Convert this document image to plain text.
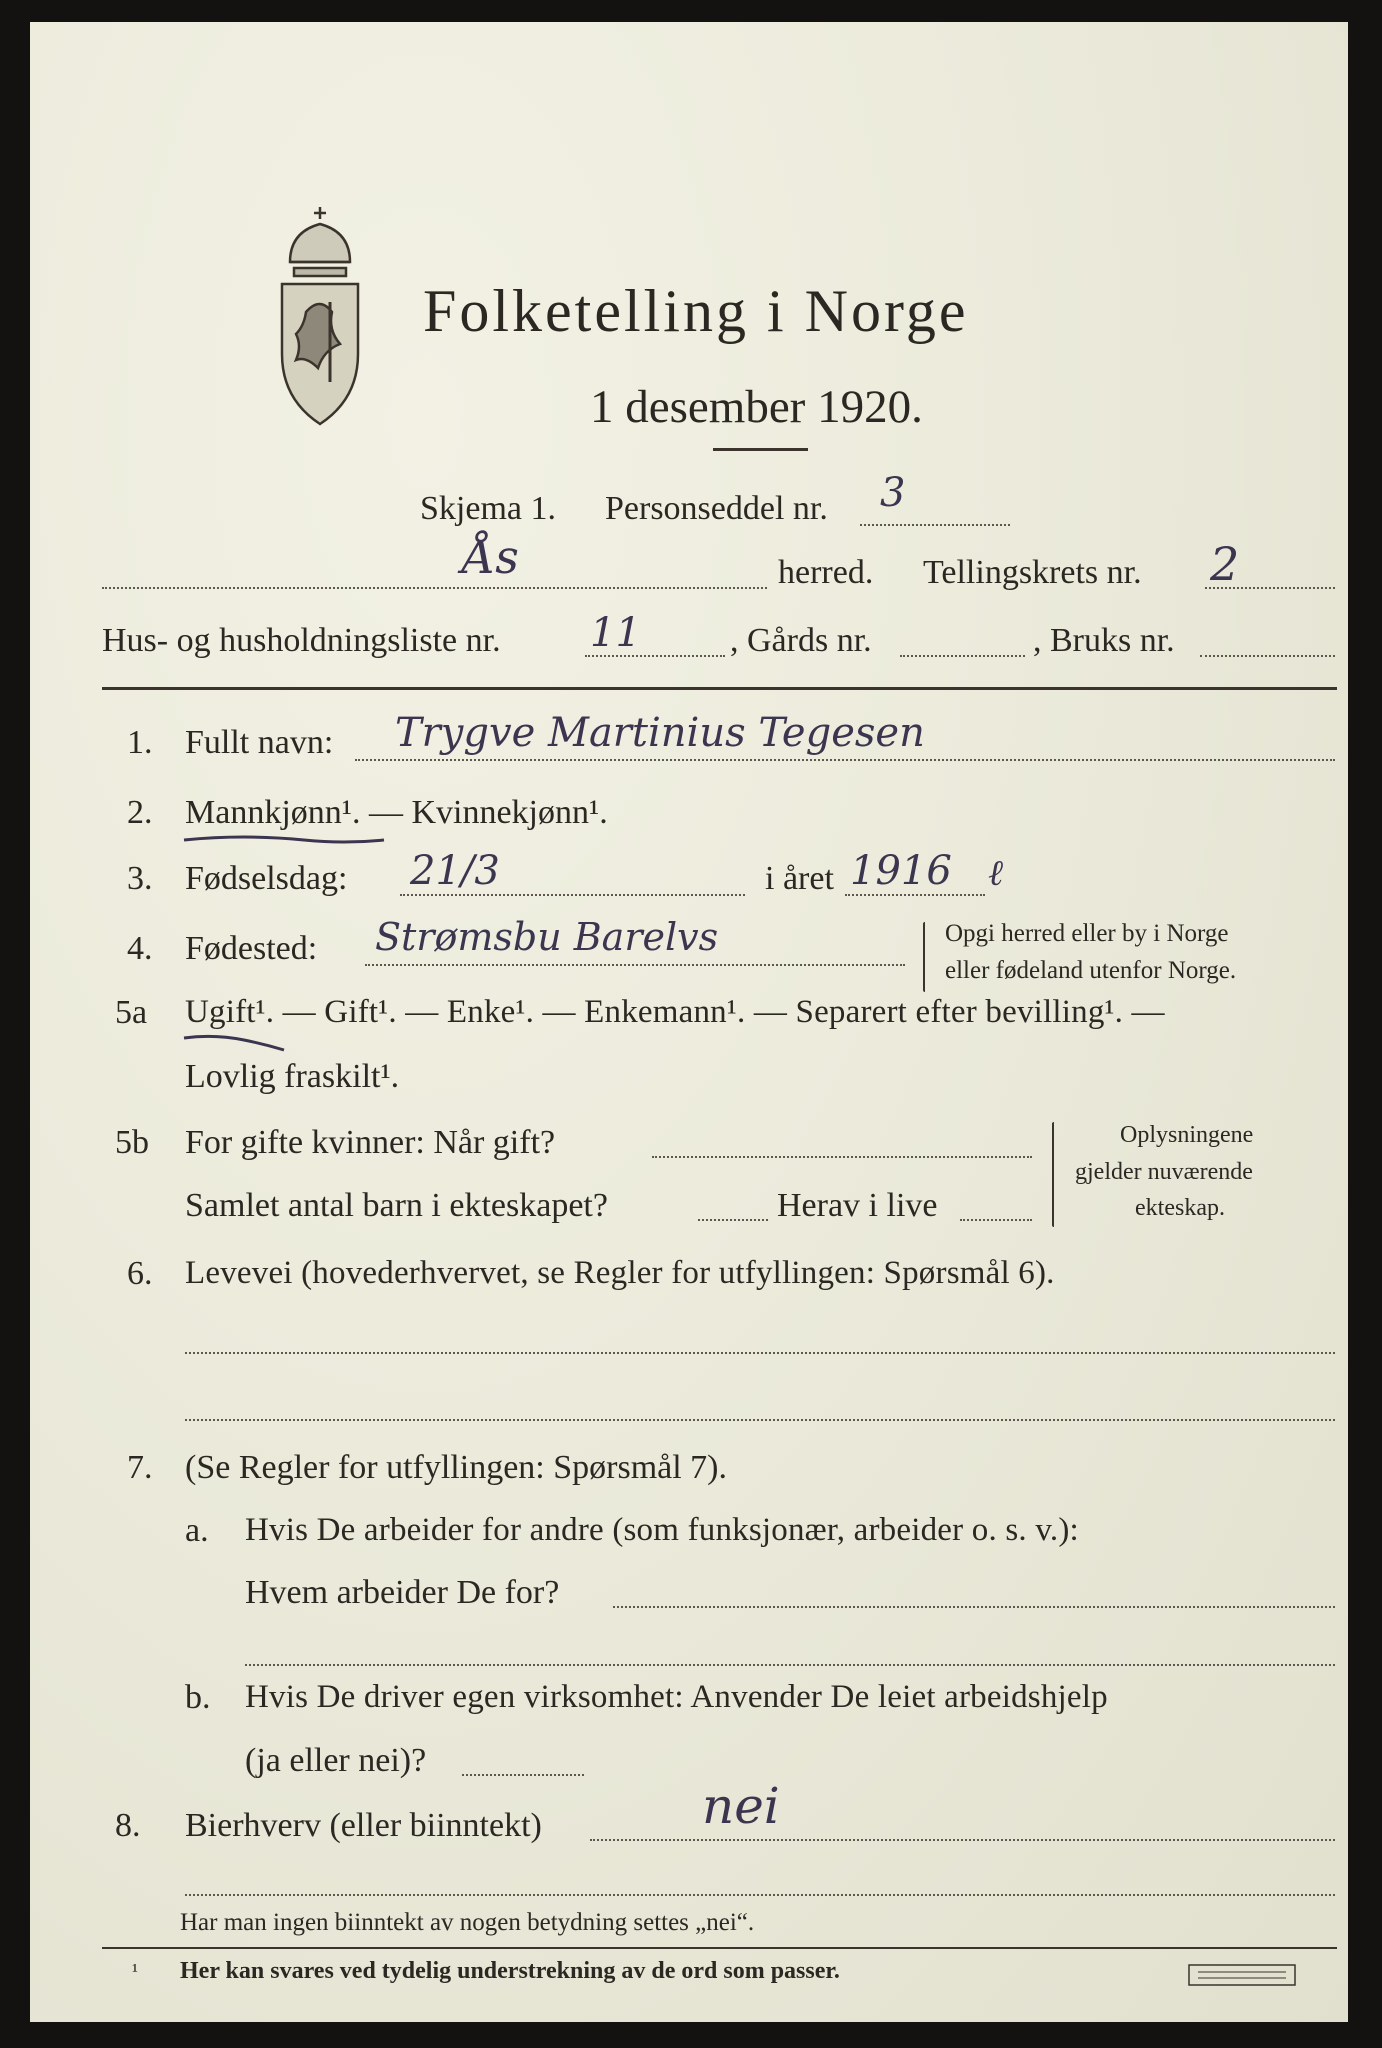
Folketelling i Norge
1 desember 1920.
Skjema 1. Personseddel nr. 3
Ås	herred. Tellingskrets nr. 2
Hus- og husholdningsliste nr. 11	, Gårds nr.	, Bruks nr.
1. Fullt navn: Trygve Martinius Tegesen
2. Mannkjønn¹. — Kvinnekjønn¹.
3. Fødselsdag: 21/3	i året 1916 ℓ
4. Fødested: Strømsbu Barelvs	Opgi herred eller by i Norge
eller fødeland utenfor Norge.
5a Ugift¹. — Gift¹. — Enke¹. — Enkemann¹. — Separert efter bevilling¹. —
Lovlig fraskilt¹.
5b For gifte kvinner: Når gift?
Samlet antal barn i ekteskapet?	Herav i live
Oplysningene
gjelder nuværende
ekteskap.
6. Levevei (hovederhvervet, se Regler for utfyllingen: Spørsmål 6).
7. (Se Regler for utfyllingen: Spørsmål 7).
a. Hvis De arbeider for andre (som funksjonær, arbeider o. s. v.):
Hvem arbeider De for?
b. Hvis De driver egen virksomhet: Anvender De leiet arbeidshjelp
(ja eller nei)?
8. Bierhverv (eller biinntekt)	nei
Har man ingen biinntekt av nogen betydning settes „nei“.
¹ Her kan svares ved tydelig understrekning av de ord som passer.
